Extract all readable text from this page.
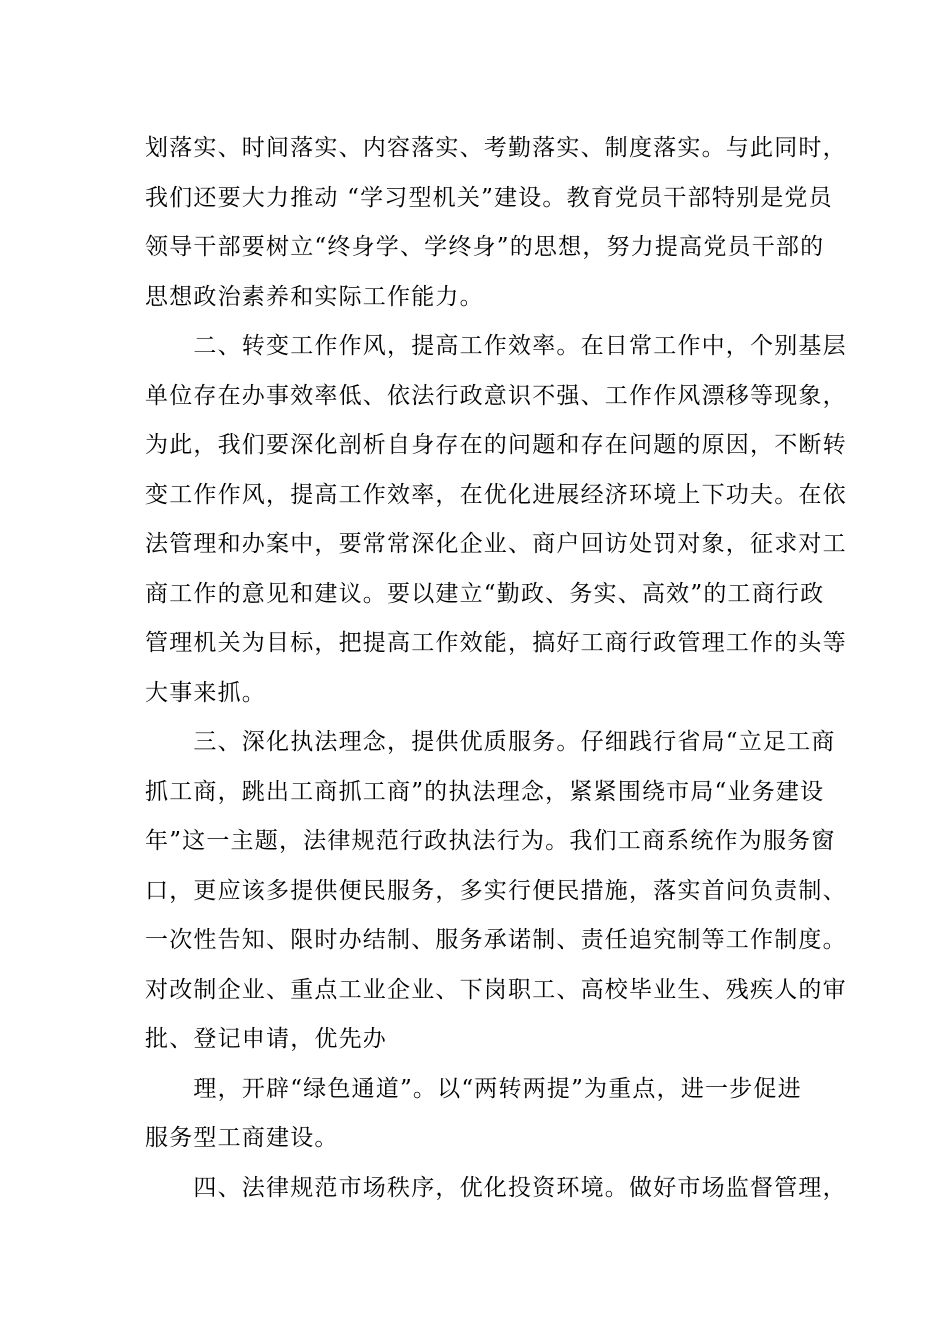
划落实、时间落实、内容落实、考勤落实、制度落实。与此同时，
我们还要大力推动 “学习型机关”建设。教育党员干部特别是党员
领导干部要树立“终身学、学终身”的思想，努力提高党员干部的
思想政治素养和实际工作能力。
　　二、转变工作作风，提高工作效率。在日常工作中，个别基层
单位存在办事效率低、依法行政意识不强、工作作风漂移等现象，
为此，我们要深化剖析自身存在的问题和存在问题的原因，不断转
变工作作风，提高工作效率，在优化进展经济环境上下功夫。在依
法管理和办案中，要常常深化企业、商户回访处罚对象，征求对工
商工作的意见和建议。要以建立“勤政、务实、高效”的工商行政
管理机关为目标，把提高工作效能，搞好工商行政管理工作的头等
大事来抓。
　　三、深化执法理念，提供优质服务。仔细践行省局“立足工商
抓工商，跳出工商抓工商”的执法理念，紧紧围绕市局“业务建设
年”这一主题，法律规范行政执法行为。我们工商系统作为服务窗
口，更应该多提供便民服务，多实行便民措施，落实首问负责制、
一次性告知、限时办结制、服务承诺制、责任追究制等工作制度。
对改制企业、重点工业企业、下岗职工、高校毕业生、残疾人的审
批、登记申请，优先办
　　理，开辟“绿色通道”。以“两转两提”为重点，进一步促进
服务型工商建设。
　　四、法律规范市场秩序，优化投资环境。做好市场监督管理，
